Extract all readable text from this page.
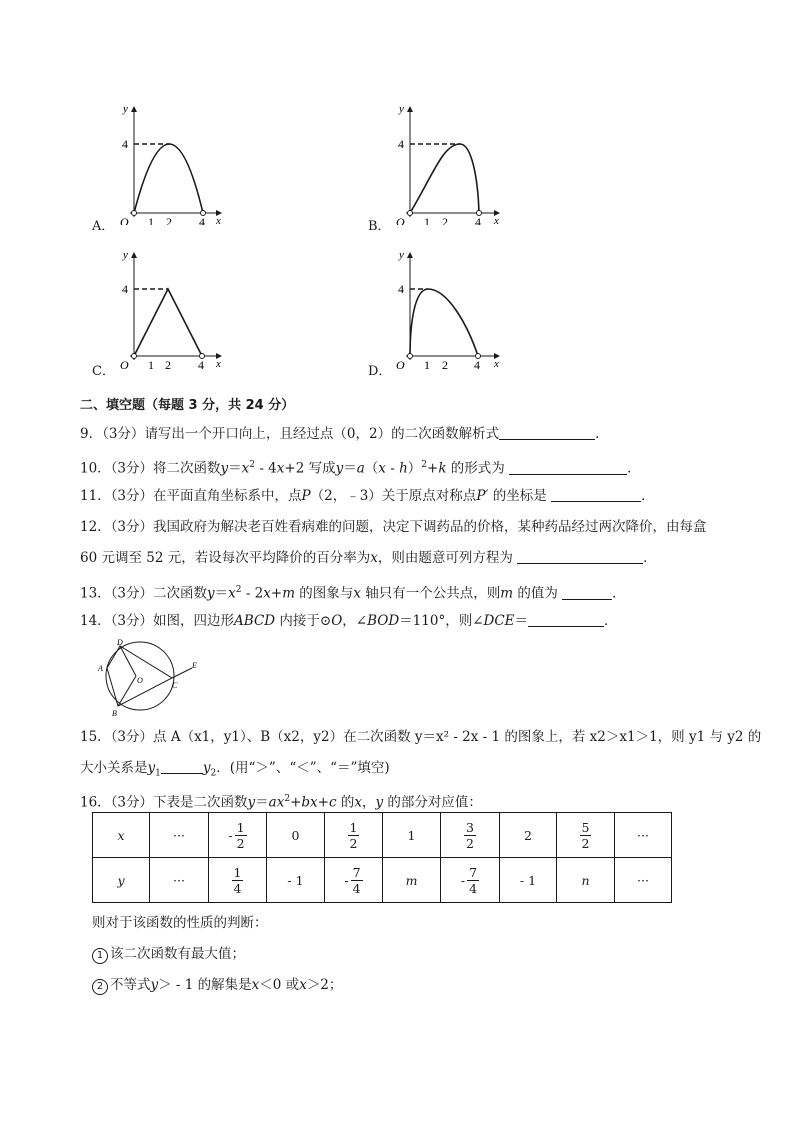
y
4
O 1 2 4 x
A．
y
4
O 1 2 4 x
B．
y
4
O 1 2 4 x
C．
y
4
O 1 2 4 x
D．
二、填空题（每题 3 分，共 24 分）
9．（3分）请写出一个开口向上，且经过点（0，2）的二次函数解析式	．
10．（3分）将二次函数$y=x^2 - 4x+2$ 写成y＝a（x - h）$^2$+k 的形式为	．
11．（3分）在平面直角坐标系中，点P（2，﹣3）关于原点对称点P′ 的坐标是	．
12．（3分）我国政府为解决老百姓看病难的问题，决定下调药品的价格，某种药品经过两次降价，由每盒
60 元调至 52 元，若设每次平均降价的百分率为x，则由题意可列方程为	．
13．（3分）二次函数$y=x^2 - 2x+m$ 的图象与x 轴只有一个公共点，则m 的值为	．
14．（3分）如图，四边形ABCD 内接于⊙O，∠BOD＝110°，则∠DCE＝	．
D
A
O
C
E
B
15．（3分）点 A（x1，y1）、B（x2，y2）在二次函数 y＝x² - 2x - 1 的图象上，若 x2＞x1＞1，则 y1 与 y2 的
大小关系是$y_1$	$y_2$．(用“＞”、“＜”、“＝”填空)
16．（3分）下表是二次函数$y=ax^2+bx+c$ 的x，y 的部分对应值：
x	···	- $\frac{1}{2}$	0	$\frac{1}{2}$	1	$\frac{3}{2}$	2	$\frac{5}{2}$	···
y	···	$\frac{1}{4}$	- 1	- $\frac{7}{4}$	m	- $\frac{7}{4}$	- 1	n	···
则对于该函数的性质的判断：
1 该二次函数有最大值；
2 不等式y＞ - 1 的解集是x＜0 或x＞2；
